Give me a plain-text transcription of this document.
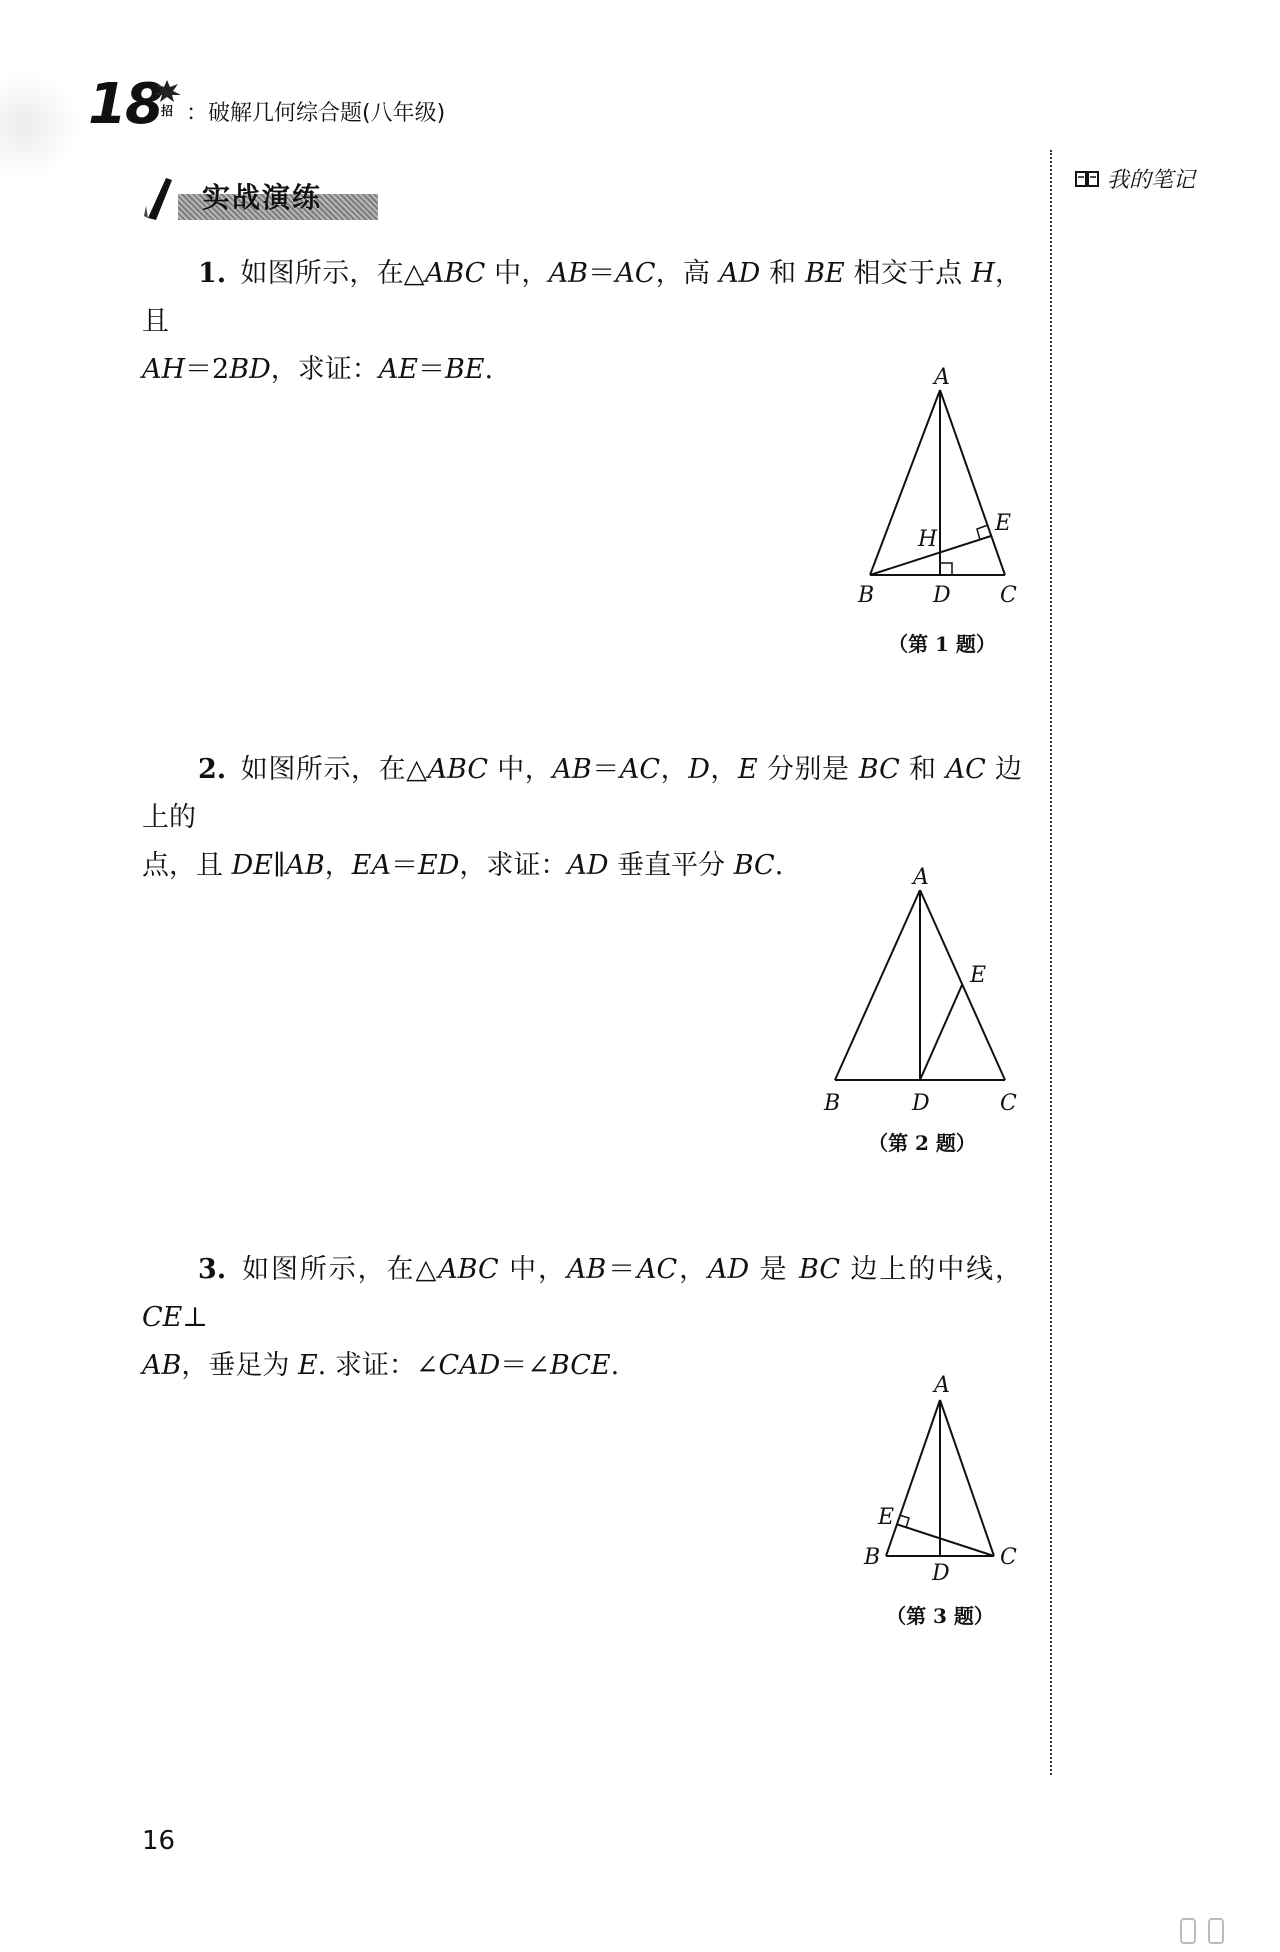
18 招 ：破解几何综合题(八年级)
我的笔记
实战演练
1. 如图所示，在△ABC 中，AB＝AC，高 AD 和 BE 相交于点 H，且
AH＝2BD，求证：AE＝BE.	A
B	C
D
E
H
（第 1 题）
2. 如图所示，在△ABC 中，AB＝AC，D，E 分别是 BC 和 AC 边上的
点，且 DE∥AB，EA＝ED，求证：AD 垂直平分 BC.	A
B	C
D
E
（第 2 题）
3. 如图所示，在△ABC 中，AB＝AC，AD 是 BC 边上的中线，CE⊥
AB，垂足为 E. 求证：∠CAD＝∠BCE.
A
B	C
D
E
（第 3 题）
16
